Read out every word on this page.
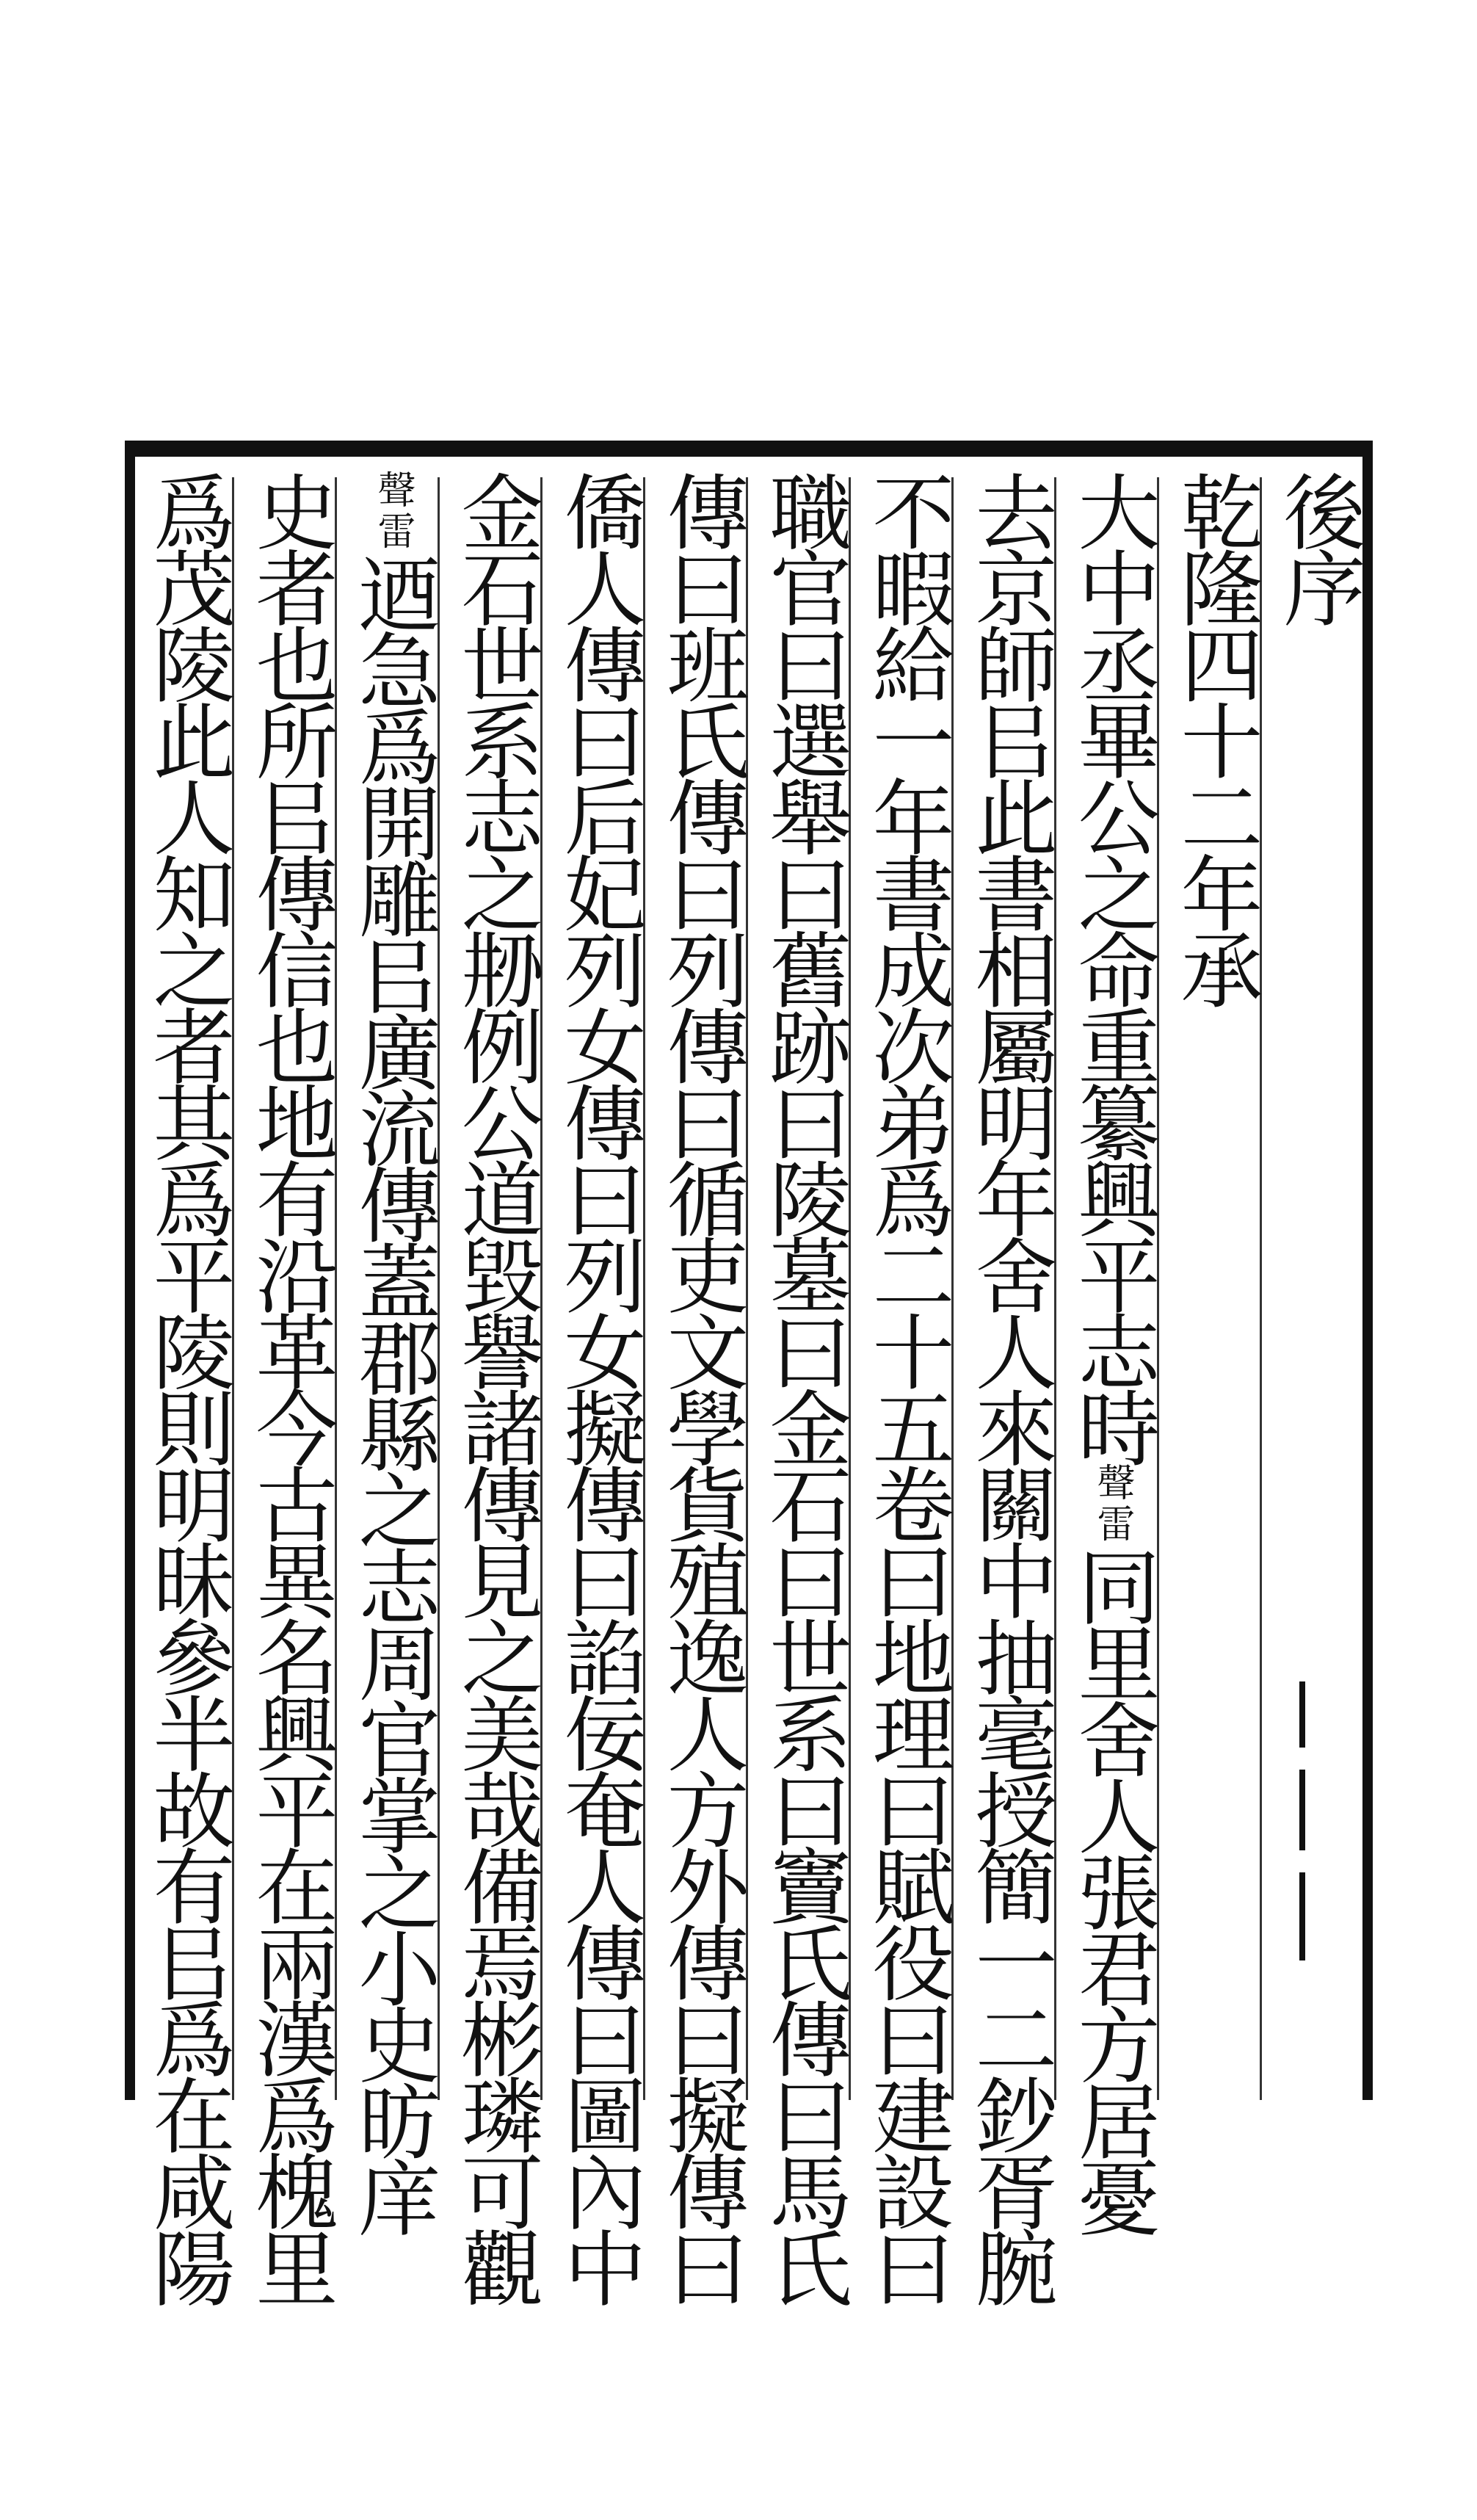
後序
乾隆四十二年承
大中丞畢公之命重纂興平志時聲雷同里舍人張君方居憂
去京師㠯此書相屬明年舍人來關中抽毫授簡一二鈔胥腕
不暇給一年書成次弟爲二十五卷曰地理曰賦役曰建設曰
職官曰選舉曰舊跡曰陵墓曰金石曰世系曰竇氏傳曰馬氏
傳曰班氏傳曰列傳曰循吏文學貨殖逸人方外傳曰擬傳曰
僑人傳曰后妃列女傳曰列女擬傳曰諂佞奄人傳曰圖內中
金石世系志之刱例公道毀譽諸傳見之美哉備焉彬璘可觀
聲雷迺急爲開雕㠯廣流傳蓋郡縣之志周官掌之小史昉庠
史者也所㠯傳信也地有沿革今古異名興平在兩漢爲槐里
爲茂陵此人知之者其爲平陵則明昧參半故有㠯爲在咸陽
